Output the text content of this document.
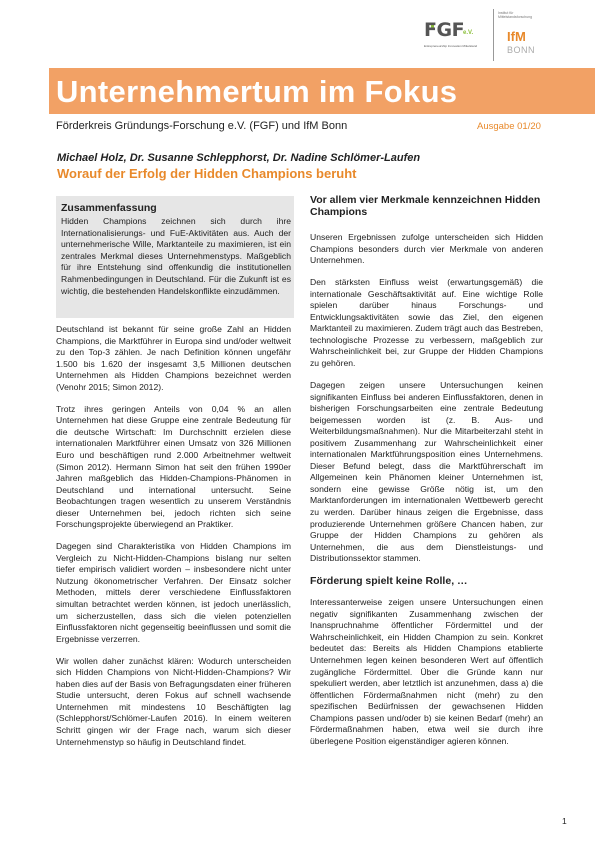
FGF
e.V.
Entrepreneurship Innovation Mittelstand
Institut für Mittelstandsforschung
IfM
BONN
Unternehmertum im Fokus
Förderkreis Gründungs-Forschung e.V. (FGF) und IfM Bonn	Ausgabe 01/20
Michael Holz, Dr. Susanne Schlepphorst, Dr. Nadine Schlömer-Laufen
Worauf der Erfolg der Hidden Champions beruht
Zusammenfassung

Hidden Champions zeichnen sich durch ihre Internationalisierungs- und FuE-Aktivitäten aus. Auch der unternehmerische Wille, Marktanteile zu maximieren, ist ein zentrales Merkmal dieses Unternehmenstyps. Maßgeblich für ihre Entstehung sind offenkundig die institutionellen Rahmenbedingungen in Deutschland. Für die Zukunft ist es wichtig, die bestehenden Handelskonflikte einzudämmen.

Deutschland ist bekannt für seine große Zahl an Hidden Champions, die Marktführer in Europa sind und/oder weltweit zu den Top-3 zählen. Je nach Definition können ungefähr 1.500 bis 1.620 der insgesamt 3,5 Millionen deutschen Unternehmen als Hidden Champions bezeichnet werden (Venohr 2015; Simon 2012).

Trotz ihres geringen Anteils von 0,04 % an allen Unternehmen hat diese Gruppe eine zentrale Bedeutung für die deutsche Wirtschaft: Im Durchschnitt erzielen diese internationalen Marktführer einen Umsatz von 326 Millionen Euro und beschäftigen rund 2.000 Arbeitnehmer weltweit (Simon 2012). Hermann Simon hat seit den frühen 1990er Jahren maßgeblich das Hidden-Champions-Phänomen in Deutschland und international untersucht. Seine Beobachtungen tragen wesentlich zu unserem Verständnis dieser Unternehmen bei, jedoch richten sich seine Forschungsprojekte überwiegend an Praktiker.

Dagegen sind Charakteristika von Hidden Champions im Vergleich zu Nicht-Hidden-Champions bislang nur selten tiefer empirisch validiert worden – insbesondere nicht unter Nutzung ökonometrischer Verfahren. Der Einsatz solcher Methoden, mittels derer verschiedene Einflussfaktoren simultan betrachtet werden können, ist jedoch unerlässlich, um sicherzustellen, dass sich die vielen potenziellen Einflussfaktoren nicht gegenseitig beeinflussen und somit die Ergebnisse verzerren.

Wir wollen daher zunächst klären: Wodurch unterscheiden sich Hidden Champions von Nicht-Hidden-Champions? Wir haben dies auf der Basis von Befragungsdaten einer früheren Studie untersucht, deren Fokus auf schnell wachsende Unternehmen mit mindestens 10 Beschäftigten lag (Schlepphorst/Schlömer-Laufen 2016). In einem weiteren Schritt gingen wir der Frage nach, warum sich dieser Unternehmenstyp so häufig in Deutschland findet.

Vor allem vier Merkmale kennzeichnen Hidden Champions

Unseren Ergebnissen zufolge unterscheiden sich Hidden Champions besonders durch vier Merkmale von anderen Unternehmen.

Den stärksten Einfluss weist (erwartungsgemäß) die internationale Geschäftsaktivität auf. Eine wichtige Rolle spielen darüber hinaus Forschungs- und Entwicklungsaktivitäten sowie das Ziel, den eigenen Marktanteil zu maximieren. Zudem trägt auch das Bestreben, technologische Prozesse zu verbessern, maßgeblich zur Wahrscheinlichkeit bei, zur Gruppe der Hidden Champions zu gehören.

Dagegen zeigen unsere Untersuchungen keinen signifikanten Einfluss bei anderen Einflussfaktoren, denen in bisherigen Forschungsarbeiten eine zentrale Bedeutung beigemessen worden ist (z. B. Aus- und Weiterbildungsmaßnahmen). Nur die Mitarbeiterzahl steht in positivem Zusammenhang zur Wahrscheinlichkeit einer internationalen Marktführungsposition eines Unternehmens. Dieser Befund belegt, dass die Marktführerschaft im Allgemeinen kein Phänomen kleiner Unternehmen ist, sondern eine gewisse Größe nötig ist, um den Marktanforderungen im internationalen Wettbewerb gerecht zu werden. Darüber hinaus zeigen die Ergebnisse, dass produzierende Unternehmen größere Chancen haben, zur Gruppe der Hidden Champions zu gehören als Unternehmen, die aus dem Dienstleistungs- und Distributionssektor stammen.

Förderung spielt keine Rolle, …

Interessanterweise zeigen unsere Untersuchungen einen negativ signifikanten Zusammenhang zwischen der Inanspruchnahme öffentlicher Fördermittel und der Wahrscheinlichkeit, ein Hidden Champion zu sein. Konkret bedeutet das: Bereits als Hidden Champions etablierte Unternehmen legen keinen besonderen Wert auf öffentlich zugängliche Fördermittel. Über die Gründe kann nur spekuliert werden, aber letztlich ist anzunehmen, dass a) die öffentlichen Fördermaßnahmen nicht (mehr) zu den spezifischen Bedürfnissen der gewachsenen Hidden Champions passen und/oder b) sie keinen Bedarf (mehr) an Fördermaßnahmen haben, etwa weil sie durch ihre überlegene Position eigenständiger agieren können.

1
